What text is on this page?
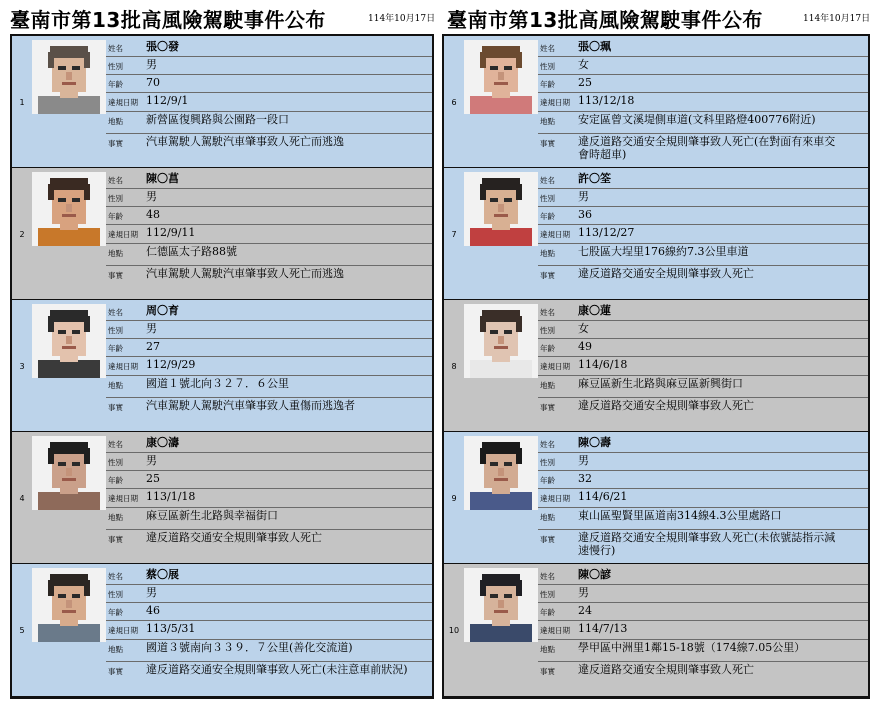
臺南市第13批高風險駕駛事件公布	114年10月17日 臺南市第13批高風險駕駛事件公布	114年10月17日
1
姓名 張〇發
性別 男
年齡 70
違規日期 112/9/1
地點 新營區復興路與公園路一段口
事實 汽車駕駛人駕駛汽車肇事致人死亡而逃逸
2
姓名 陳〇菖
性別 男
年齡 48
違規日期 112/9/11
地點 仁德區太子路88號
事實 汽車駕駛人駕駛汽車肇事致人死亡而逃逸
3
姓名 周〇育
性別 男
年齡 27
違規日期 112/9/29
地點 國道１號北向３２７．６公里
事實 汽車駕駛人駕駛汽車肇事致人重傷而逃逸者
4
姓名 康〇濤
性別 男
年齡 25
違規日期 113/1/18
地點 麻豆區新生北路與幸福街口
事實 違反道路交通安全規則肇事致人死亡
5
姓名 蔡〇展
性別 男
年齡 46
違規日期 113/5/31
地點 國道３號南向３３９．７公里(善化交流道)
事實 違反道路交通安全規則肇事致人死亡(未注意車前狀況)
6
姓名 張〇珮
性別 女
年齡 25
違規日期 113/12/18
地點 安定區曾文溪堤側車道(文科里路燈400776附近)
事實 違反道路交通安全規則肇事致人死亡(在對面有來車交會時超車)
7
姓名 許〇筌
性別 男
年齡 36
違規日期 113/12/27
地點 七股區大埕里176線約7.3公里車道
事實 違反道路交通安全規則肇事致人死亡
8
姓名 康〇蓮
性別 女
年齡 49
違規日期 114/6/18
地點 麻豆區新生北路與麻豆區新興街口
事實 違反道路交通安全規則肇事致人死亡
9
姓名 陳〇壽
性別 男
年齡 32
違規日期 114/6/21
地點 東山區聖賢里區道南314線4.3公里處路口
事實 違反道路交通安全規則肇事致人死亡(未依號誌指示減速慢行)
10
姓名 陳〇諺
性別 男
年齡 24
違規日期 114/7/13
地點 學甲區中洲里1鄰15-18號（174線7.05公里）
事實 違反道路交通安全規則肇事致人死亡
